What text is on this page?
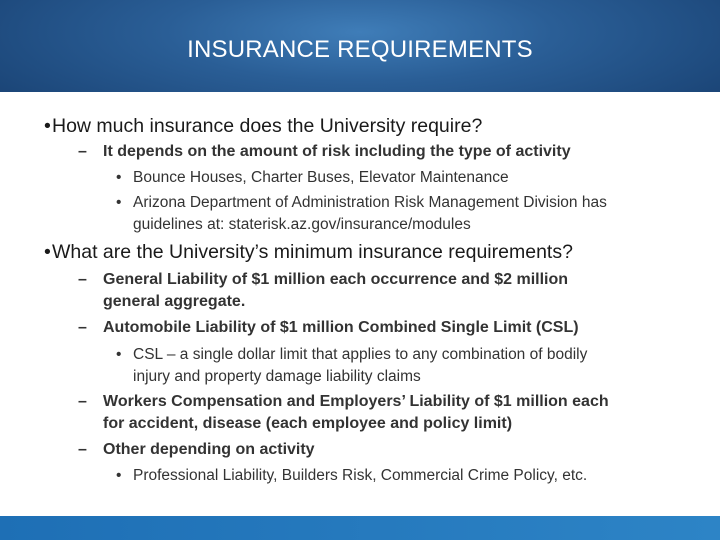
INSURANCE REQUIREMENTS
• How much insurance does the University require?
– It depends on the amount of risk including the type of activity
• Bounce Houses, Charter Buses, Elevator Maintenance
• Arizona Department of Administration Risk Management Division has
guidelines at: staterisk.az.gov/insurance/modules
• What are the University’s minimum insurance requirements?
– General Liability of $1 million each occurrence and $2 million
general aggregate.
– Automobile Liability of $1 million Combined Single Limit (CSL)
• CSL – a single dollar limit that applies to any combination of bodily
injury and property damage liability claims
– Workers Compensation and Employers’ Liability of $1 million each
for accident, disease (each employee and policy limit)
– Other depending on activity
• Professional Liability, Builders Risk, Commercial Crime Policy, etc.
